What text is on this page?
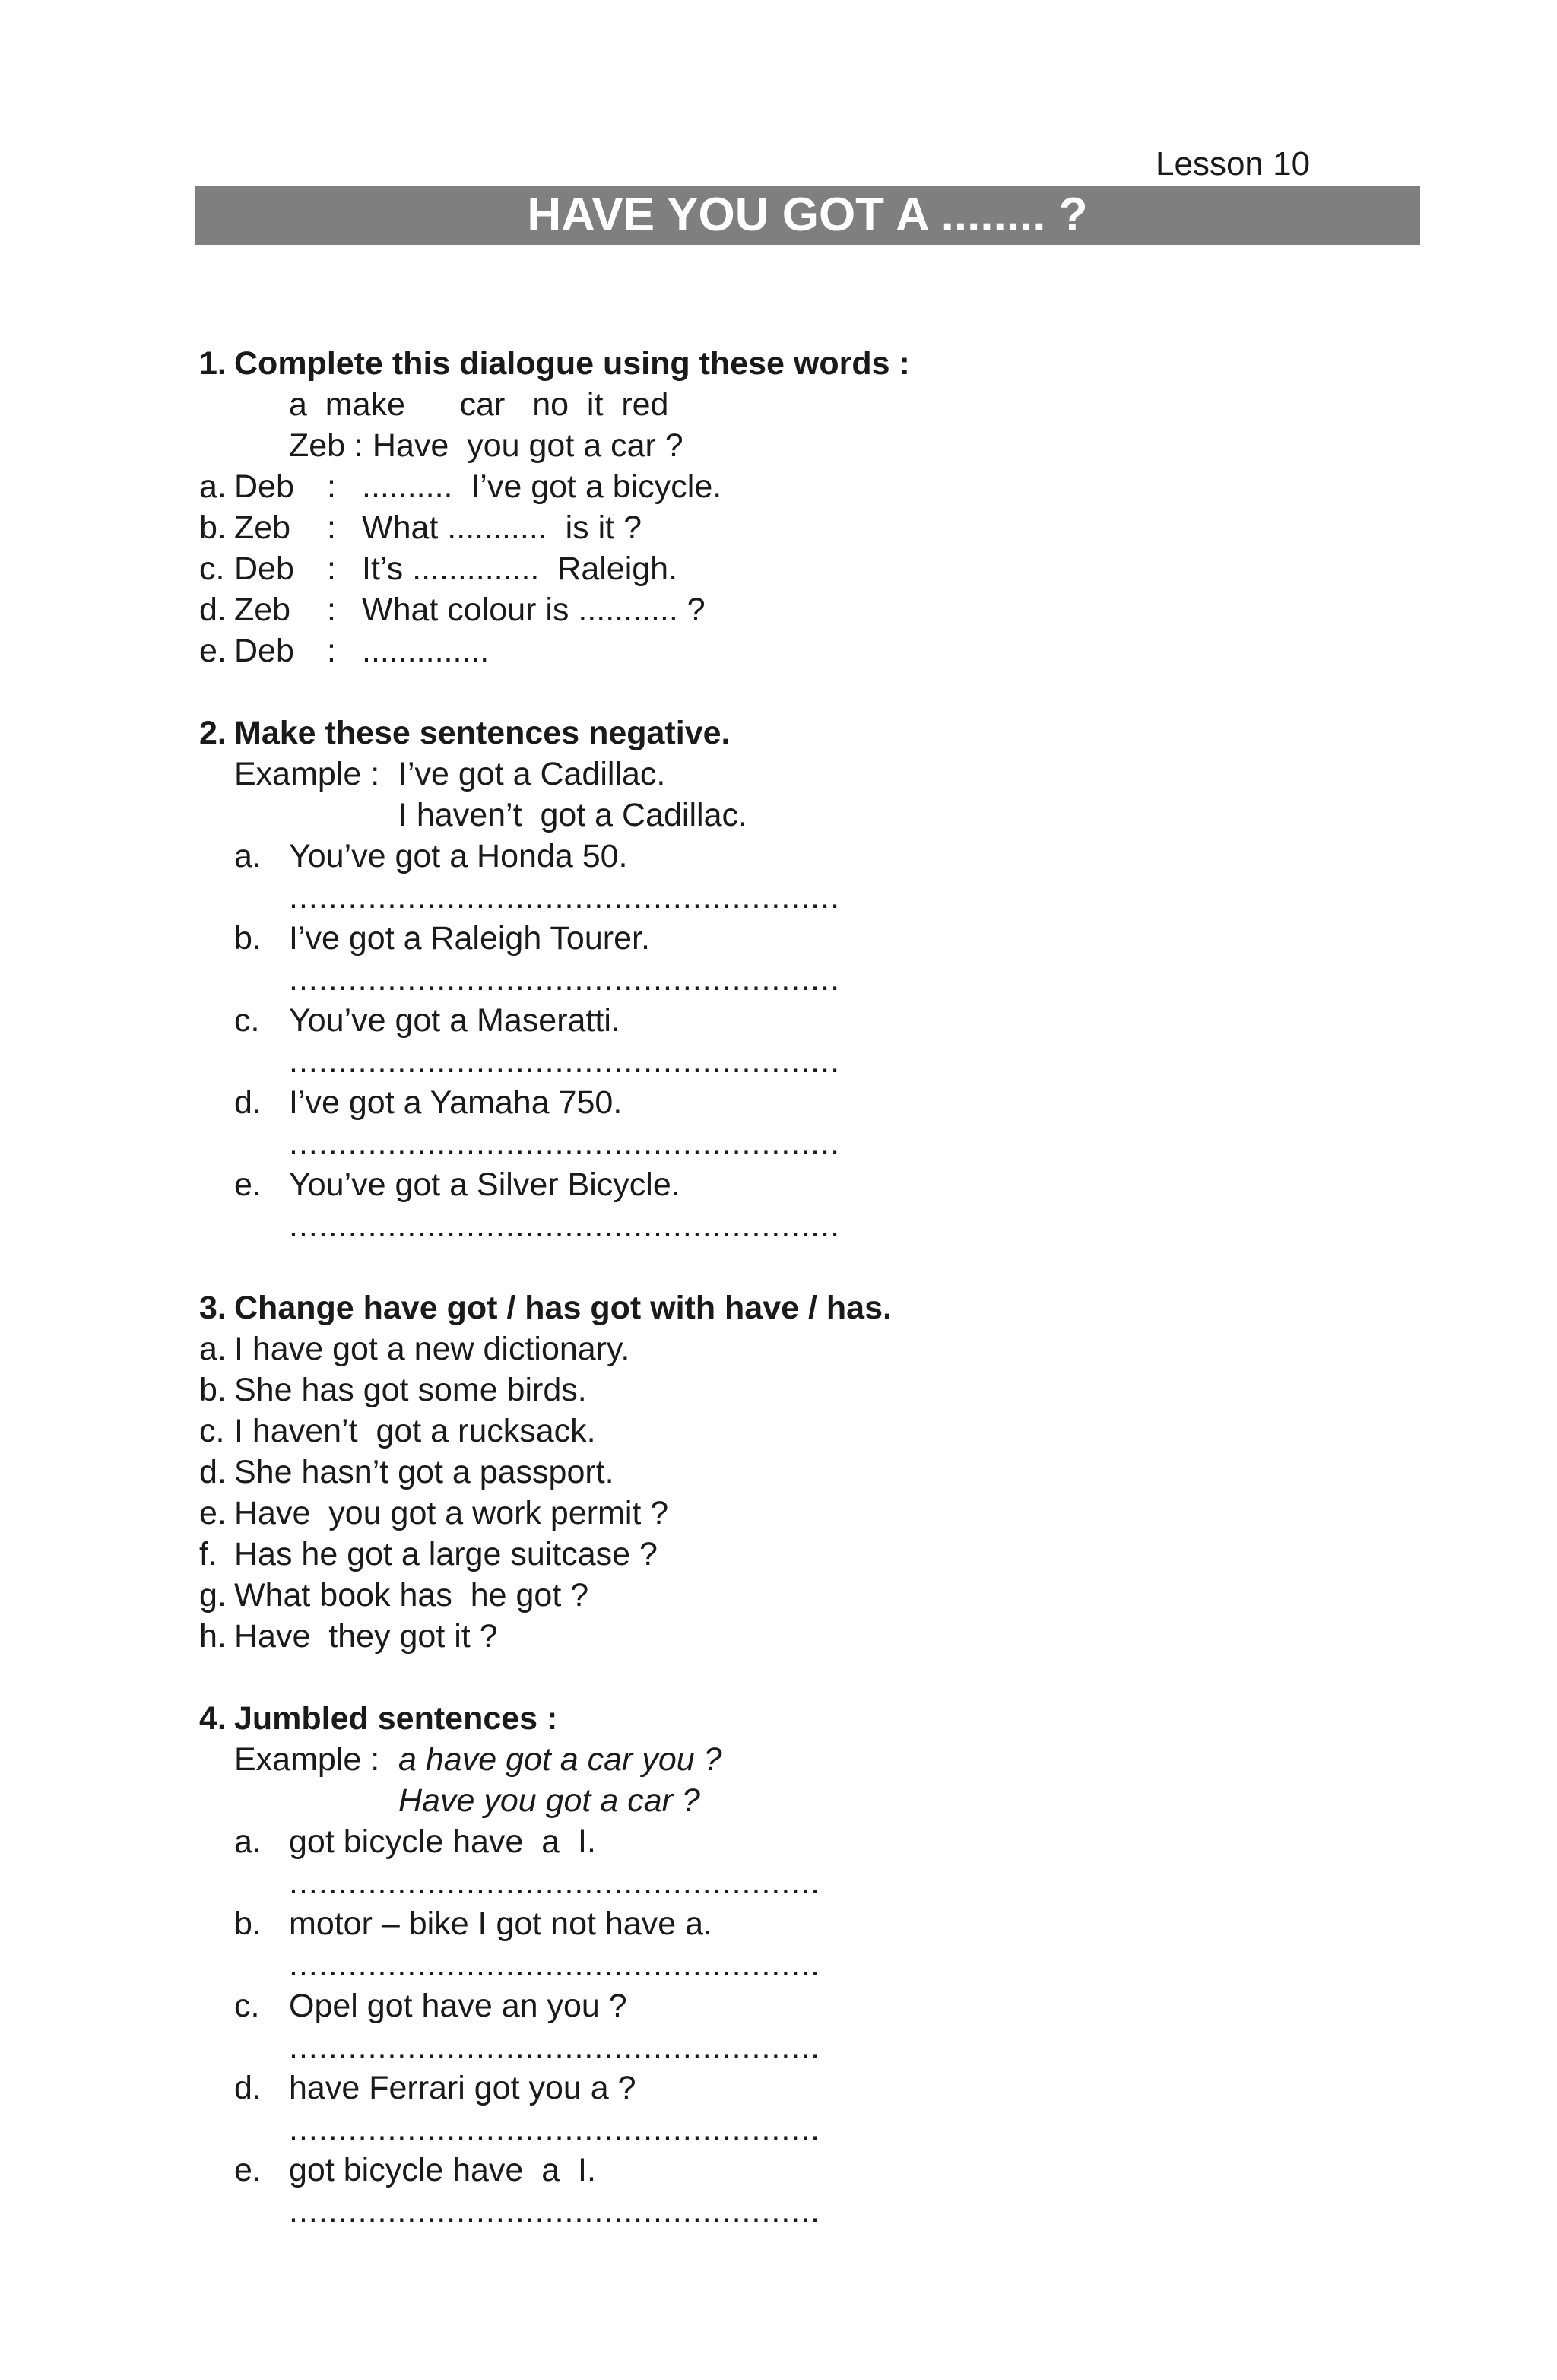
Lesson 10
HAVE YOU GOT A ........ ?
1. Complete this dialogue using these words :
a  make      car   no  it  red
Zeb : Have  you got a car ?
a. Deb : ..........  I’ve got a bicycle.
b. Zeb : What ...........  is it ?
c. Deb : It’s ..............  Raleigh.
d. Zeb : What colour is ........... ?
e. Deb : ..............
2. Make these sentences negative.
Example : I’ve got a Cadillac.
I haven’t  got a Cadillac.
a. You’ve got a Honda 50.
........................................................
b. I’ve got a Raleigh Tourer.
........................................................
c. You’ve got a Maseratti.
........................................................
d. I’ve got a Yamaha 750.
........................................................
e. You’ve got a Silver Bicycle.
........................................................
3. Change have got / has got with have / has.
a. I have got a new dictionary.
b. She has got some birds.
c. I haven’t  got a rucksack.
d. She hasn’t got a passport.
e. Have  you got a work permit ?
f. Has he got a large suitcase ?
g. What book has  he got ?
h. Have  they got it ?
4. Jumbled sentences :
Example : a have got a car you ?
Have you got a car ?
a. got bicycle have  a  I.
......................................................
b. motor – bike I got not have a.
......................................................
c. Opel got have an you ?
......................................................
d. have Ferrari got you a ?
......................................................
e. got bicycle have  a  I.
......................................................
